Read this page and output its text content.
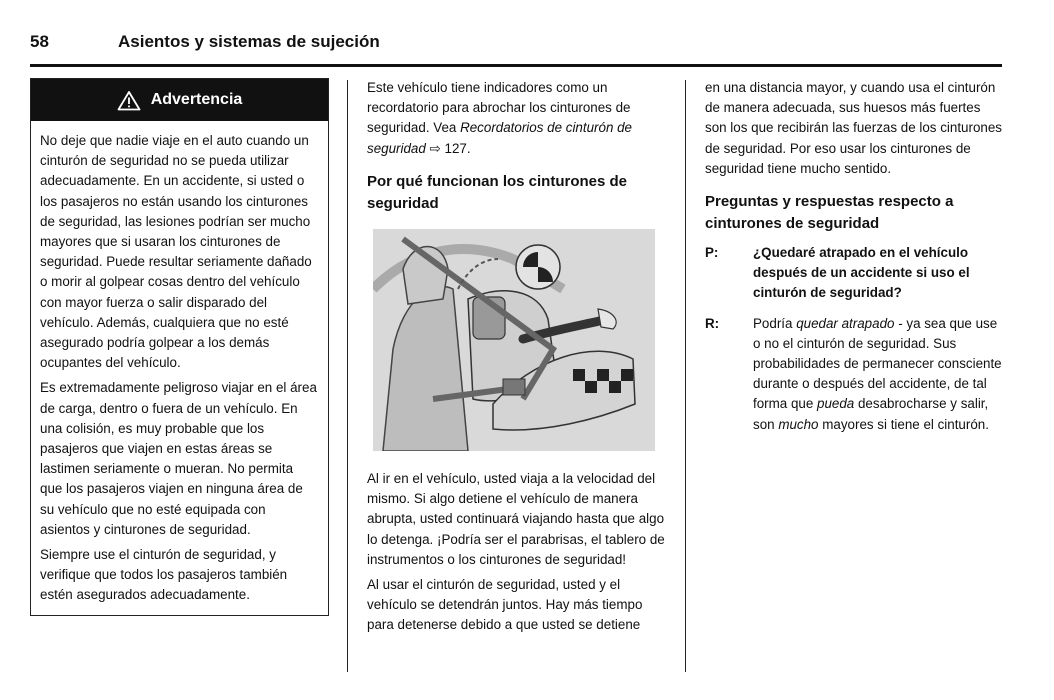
58	Asientos y sistemas de sujeción
Advertencia

No deje que nadie viaje en el auto cuando un cinturón de seguridad no se pueda utilizar adecuadamente. En un accidente, si usted o los pasajeros no están usando los cinturones de seguridad, las lesiones podrían ser mucho mayores que si usaran los cinturones de seguridad. Puede resultar seriamente dañado o morir al golpear cosas dentro del vehículo con mayor fuerza o salir disparado del vehículo. Además, cualquiera que no esté asegurado podría golpear a los demás ocupantes del vehículo.

Es extremadamente peligroso viajar en el área de carga, dentro o fuera de un vehículo. En una colisión, es muy probable que los pasajeros que viajen en estas áreas se lastimen seriamente o mueran. No permita que los pasajeros viajen en ninguna área de su vehículo que no esté equipada con asientos y cinturones de seguridad.

Siempre use el cinturón de seguridad, y verifique que todos los pasajeros también estén asegurados adecuadamente.

Este vehículo tiene indicadores como un recordatorio para abrochar los cinturones de seguridad. Vea Recordatorios de cinturón de seguridad ⇨ 127.

Por qué funcionan los cinturones de seguridad

Al ir en el vehículo, usted viaja a la velocidad del mismo. Si algo detiene el vehículo de manera abrupta, usted continuará viajando hasta que algo lo detenga. ¡Podría ser el parabrisas, el tablero de instrumentos o los cinturones de seguridad!

Al usar el cinturón de seguridad, usted y el vehículo se detendrán juntos. Hay más tiempo para detenerse debido a que usted se detiene

en una distancia mayor, y cuando usa el cinturón de manera adecuada, sus huesos más fuertes son los que recibirán las fuerzas de los cinturones de seguridad. Por eso usar los cinturones de seguridad tiene mucho sentido.

Preguntas y respuestas respecto a cinturones de seguridad
P:	¿Quedaré atrapado en el vehículo después de un accidente si uso el cinturón de seguridad?
R:	Podría quedar atrapado - ya sea que use o no el cinturón de seguridad. Sus probabilidades de permanecer consciente durante o después del accidente, de tal forma que pueda desabrocharse y salir, son mucho mayores si tiene el cinturón.
